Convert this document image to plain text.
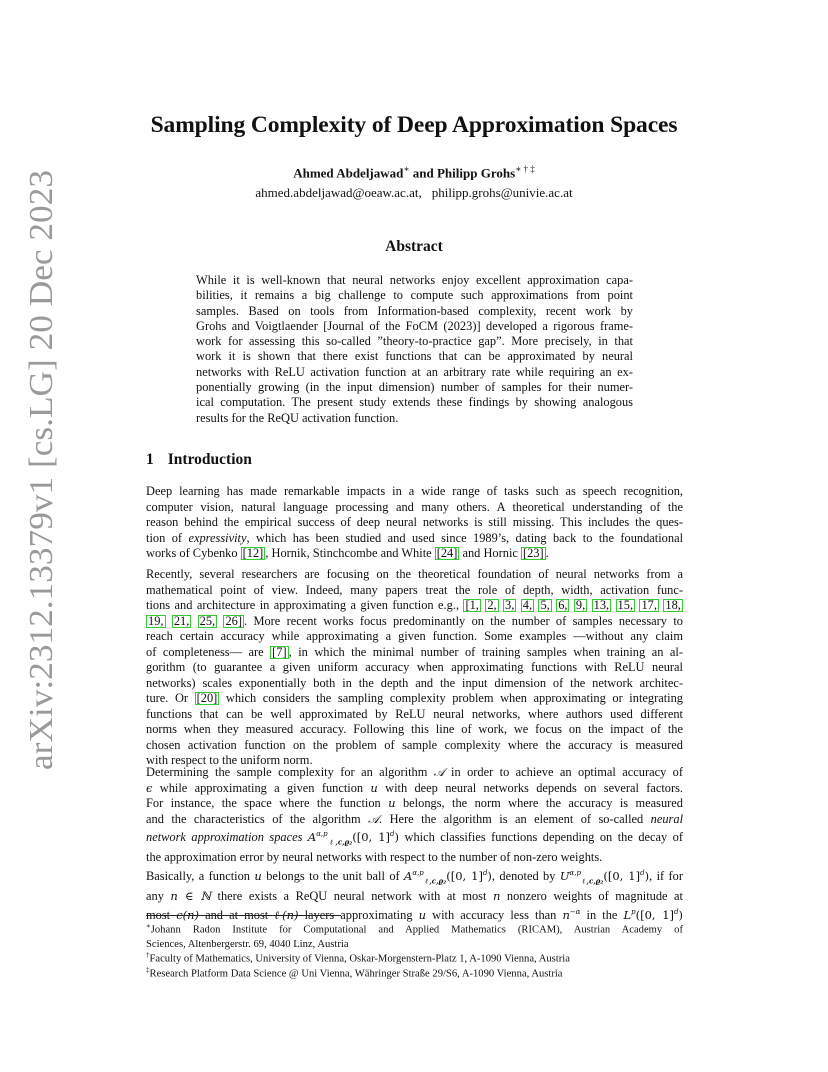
arXiv:2312.13379v1 [cs.LG] 20 Dec 2023
Sampling Complexity of Deep Approximation Spaces
Ahmed Abdeljawad∗ and Philipp Grohs∗ † ‡
ahmed.abdeljawad@oeaw.ac.at, philipp.grohs@univie.ac.at
Abstract
While it is well-known that neural networks enjoy excellent approximation capa-
bilities, it remains a big challenge to compute such approximations from point
samples. Based on tools from Information-based complexity, recent work by
Grohs and Voigtlaender [Journal of the FoCM (2023)] developed a rigorous frame-
work for assessing this so-called ”theory-to-practice gap”. More precisely, in that
work it is shown that there exist functions that can be approximated by neural
networks with ReLU activation function at an arbitrary rate while requiring an ex-
ponentially growing (in the input dimension) number of samples for their numer-
ical computation. The present study extends these findings by showing analogous
results for the ReQU activation function.
1 Introduction
Deep learning has made remarkable impacts in a wide range of tasks such as speech recognition,
computer vision, natural language processing and many others. A theoretical understanding of the
reason behind the empirical success of deep neural networks is still missing. This includes the ques-
tion of expressivity, which has been studied and used since 1989’s, dating back to the foundational
works of Cybenko [12] , Hornik, Stinchcombe and White [24] and Hornic [23] .
Recently, several researchers are focusing on the theoretical foundation of neural networks from a
mathematical point of view. Indeed, many papers treat the role of depth, width, activation func-
tions and architecture in approximating a given function e.g., [1, 2, 3, 4, 5, 6, 9, 13, 15, 17, 18,
19, 21, 25, 26] . More recent works focus predominantly on the number of samples necessary to
reach certain accuracy while approximating a given function. Some examples —without any claim
of completeness— are [7] , in which the minimal number of training samples when training an al-
gorithm (to guarantee a given uniform accuracy when approximating functions with ReLU neural
networks) scales exponentially both in the depth and the input dimension of the network architec-
ture. Or [20] which considers the sampling complexity problem when approximating or integrating
functions that can be well approximated by ReLU neural networks, where authors used different
norms when they measured accuracy. Following this line of work, we focus on the impact of the
chosen activation function on the problem of sample complexity where the accuracy is measured
with respect to the uniform norm.
Determining the sample complexity for an algorithm 𝒜 in order to achieve an optimal accuracy of
ϵ while approximating a given function u with deep neural networks depends on several factors.
For instance, the space where the function u belongs, the norm where the accuracy is measured
and the characteristics of the algorithm 𝒜. Here the algorithm is an element of so-called neural
network approximation spaces $A^{\alpha,p}_{\ell,c,ϱ_2}([0$, 1]$^d$) which classifies functions depending on the decay of
the approximation error by neural networks with respect to the number of non-zero weights.
Basically, a function u belongs to the unit ball of $A^{\alpha,p}_{\ell,c,ϱ_2}([0$, 1]$^d$), denoted by $U^{\alpha,p}_{\ell,c,ϱ_2}([0$, 1]$^d$), if for
any n ∈ ℕ there exists a ReQU neural network with at most n nonzero weights of magnitude at
most c(n) and at most ℓ(n) layers approximating u with accuracy less than $n^{-\alpha}$ in the $L^p([0$, 1]$^d$)
∗Johann Radon Institute for Computational and Applied Mathematics (RICAM), Austrian Academy of
Sciences, Altenbergerstr. 69, 4040 Linz, Austria
†Faculty of Mathematics, University of Vienna, Oskar-Morgenstern-Platz 1, A-1090 Vienna, Austria
‡Research Platform Data Science @ Uni Vienna, Währinger Straße 29/S6, A-1090 Vienna, Austria
